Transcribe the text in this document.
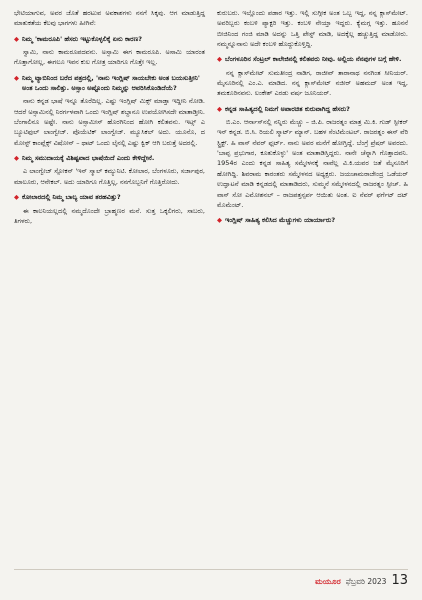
ಭೇಟಿಯಾಗುವ, ಅವರ ಜೊತೆ ಹರಟುವ ಅವಕಾಶಗಳು ನನಗೆ ಸಿಕ್ಕವು. ಆಗ ಮಾಡುತ್ತಿದ್ದ ಮಾತುಕತೆಯ ಕೆಲವು ಭಾಗಗಳು ಹೀಗಿವೆ:

◆ ನಿಮ್ಮ 'ಕಾಮರೂಪಿ' ಹೆಸರು ಇಟ್ಟುಕೊಳ್ಳಲಿಕ್ಕೆ ಏನು ಕಾರಣ?

ಸ್ವಾಮಿ, ನಾನು ಕಾಮರೂಪದವನು. ಅಸ್ಸಾಮಿ ಈಗ ಕಾಮರೂಪಿ. ಅಸಾಮಿ ಯಾರಂತ ಗೊತ್ತಾಗೋಲ್ಲ, ಈಗಲೂ ಇವನ ಕುಲ ಗೋತ್ರ ಯಾರಿಗೂ ಗೊತ್ತೇ ಇಲ್ಲ.

◆ ನಿಮ್ಮ ಟ್ಯಾಬಿನಿಂದ ಬರೆದ ಪತ್ರದಲ್ಲಿ, 'ನಾನು ಇಂಗ್ಲಿಷ್ ಸಾಯಬೇಕು ಅಂತ ಬಯಸುತ್ತೀನಿ' ಅಂತ ಒಂದು ಸಾಲಿತ್ತು. ಅಸ್ಸಾಂ ಅಷ್ಟೊಂದು ನಿಮ್ಮನ್ನು ಆವರಿಸಿಕೊಂಡಿದೆಯೆ?

ನಾನು ಕನ್ನಡ ಭಾಷೆ ಇನ್ನೂ ತೊರೆದಿಲ್ಲ. ಎಷ್ಟು ಇಂಗ್ಲಿಷ್ ಮಿಕ್ಸ್ ಮಾಡ್ತಾ ಇದ್ದೀನಿ ನೋಡಿ. ಆದರೆ ಅಸ್ಸಾಮಿನಲ್ಲಿ ನಿರರ್ಗಳವಾಗಿ ಒಂದು ಇಂಗ್ಲಿಷ್ ಶಬ್ದಾನೂ ಉಪಯೋಗಿಸದೇ ಮಾತಾಡ್ತೀನಿ. ಬೆಂಗಾಲಿನೂ ಅಷ್ಟೇ. ನಾನು ಅಸ್ಸಾಮೀಸ್ ಹೊರಗಿನಿಂದ ಹೋಗಿ ಕಲಿತವನು. ಇಟ್ಸ್ ಎ ಬ್ಯೂಟಿಫುಲ್ ಲಾಂಗ್ವೇಜ್. ಪೊಯೆಟಿಕ್ ಲಾಂಗ್ವೇಜ್. ಮ್ಯೂಸಿಕಲ್ ಅದು. ಯೂನೊ, ದ ಮೋಸ್ಟ್ ಕಾಂಪ್ಲೆಕ್ಸ್ ವಿಷೋನ್ – ಥಾಟ್ ಒಂದು ಲೈನಲ್ಲಿ ಎಷ್ಟು ಕ್ವಿಕ್ ಆಗಿ ಬರುತ್ತೆ ಅದರಲ್ಲಿ.

◆ ನಿಮ್ಮ ಸಮುದಾಯಕ್ಕೆ ವಿಶಿಷ್ಟವಾದ ಭಾಷೆಯಿದೆ ಎಂದು ಕೇಳಿದ್ದೇನೆ.

ಎ ಲಾಂಗ್ವೇಜ್ ಸ್ಪೋಕನ್ 'ಇನ್ ಸ್ಮಾಲ್ ಕಮ್ಯುನಿಟಿ. ಕೋಲಾರ, ಬೆಂಗಳೂರು, ಸರ್ಜಾಪುರ, ಮಾಲೂರು, ಆನೇಕಲ್. ಅದು ಯಾರಿಗೂ ಗೊತ್ತಿಲ್ಲ, ನನಗೊಬ್ಬನಿಗೆ ಗೊತ್ತಿರೋದು.

◆ ಕೋಲಾರದಲ್ಲಿ ನಿಮ್ಮ ಬಾಲ್ಯ ಯಾವ ತರಹವಿತ್ತು?

ಈ ಕಾಲನಿಯಲ್ಲದಲ್ಲಿ ನಮ್ಮದೊಂದೇ ಬ್ರಾಹ್ಮಣರ ಮನೆ. ಸುತ್ತ ಒಕ್ಕಲಿಗರು, ಸಾಬರು, ತಿಗಳರು,

ಕುರುಬರು. ಇಲ್ಲೊಂದು ಪಡಾರ ಇತ್ತು. ಇಲ್ಲಿ ಸುಗ್ಗೀಕ ಅಂತ ಒಬ್ಬ ಇದ್ದ, ನನ್ನ ಕ್ಲಾಸ್‌ಮೇಟ್. ಅವರಿಬ್ಬರು ಕಂಬಳಿ ಪ್ಯಾಕ್ಟರಿ ಇತ್ತು. ಕಂಬಳಿ ನೇಯ್ತಾ ಇದ್ದರು. ಕ್ಯೆಮಗ್ಗ ಇತ್ತು. ಹೂನನೆ ಬೀಜಿನಿಂದ ಗಂಜಿ ಮಾಡಿ ಅದನ್ನು ಒತ್ತಿ ಪೇಸ್ಟ್ ಮಾಡಿ, ಅದಕ್ಕೆಲ್ಲ ಹಚ್ಚುತ್ತಿದ್ದ ಮಾಡೋರು. ನಮ್ಮನ್ನೂನಾನು ಅದೇ ಕಂಬಳಿ ಹೊದ್ದುಕೊಳ್ತಿದ್ದಿ.

◆ ಬೆಂಗಳೂರಿನ ಸೆಂಟ್ರಲ್ ಕಾಲೇಜಿನಲ್ಲಿ ಕಲಿತವರು ನೀವು. ಅಲ್ಲಿಯ ನೆನಪುಗಳ ಬಗ್ಗೆ ಹೇಳಿ.

ನನ್ನ ಕ್ಲಾಸ್‌ಮೇಟ್ ಸುಮತೀಂದ್ರ ನಾಡಿಗ, ರಾಜೀವ್ ತಾರಾನಾಥ ನನಗಿಂತ ಸೀನಿಯರ್. ಮೈಸೂರಿನಲ್ಲಿ ಎಂ.ಎ. ಮಾಡಿದ. ನನ್ನ ಕ್ಲಾಸ್‌ಮೇಟ್ ನಜೀರ್ ಅಹಮದ್ ಅಂತ ಇದ್ದ, ತಮಕೂರಿನವನು. ಲಂಕೇಶ್ ಎರಡು ವರ್ಷ ಜೂನಿಯರ್.

◆ ಕನ್ನಡ ಸಾಹಿತ್ಯದಲ್ಲಿ ನಿಮಗೆ ಅಪಾರಚಿತ ಕುರುವಾಗಿದ್ದ ಹೆಸರು?

ಬಿ.ಎಂ. ಆರ್ನಾಸ್‌ನಲ್ಲಿ ನನ್ನಿರು ಮೆಚ್ಚು – ಜಿ.ಪಿ. ರಾಜರತ್ನಂ ಮಾತ್ರ ಮಿ.ಕಿ. ಗುಡ್ ಸ್ಪೀಕರ್ ಇನ್ ಕನ್ನಡ. ಬಿ.ಸಿ. ರಿಯಲಿ ಸ್ಮಾರ್ಟ್ ಮ್ಯಾನ್. ಬಹಳ ಸೆಂಟಿಮೆಂಟಲ್. ರಾಜರತ್ನಂ ಈಸ್ ವೆರಿ ಸ್ಟ್ರಿಕ್ಟ್. ಹಿ ವಾಸ್ ನೆವರ್ ಫ್ಲರ್ಟ್. ನಾನು ಅವರ ಮನೆಗೆ ಹೋಗ್ತಿದ್ದೆ. ಬೆಂಗ್ರೆ ಪ್ರೆಷರ್‌ ಅವರದು. 'ಬಾಪ್ಪ ಪ್ರಭುಗಾರ, ಕೂತುಕೊಳ್ಳು' ಅಂತ ಮಾತಾಡಿಸ್ತಿದ್ದರು. ನಾನೇ ಚೆನ್ನಾಗಿ ಗೊತ್ತಾದವನಿ. 1954ರ ಎಂದು ಕನ್ನಡ ಸಾಹಿತ್ಯ ಸಮ್ಮೇಳನಕ್ಕೆ ನಾವೆಲ್ಲ ವಿ.ಕಿ.ಯವರ ಜತೆ ಮೈಸೂರಿಗೆ ಹೋಗಿದ್ದಿ. ಶಿವರಾಮ ಕಾರಂತರು ಸಮ್ಮೇಳನದ ಅಧ್ಯಕ್ಷರು. ಜಯಚಾಮರಾಜೇಂದ್ರ ಒಡೆಯರ್ ಉದ್ಘಾಟನೆ ಮಾಡಿ ಕನ್ನಡದಲ್ಲಿ ಮಾತಾಡಿದರು, ಸುಮ್ಮನೆ ಸಮ್ಮೇಳನದಲ್ಲಿ ರಾಜರತ್ನಂ ಸ್ಪೀಚ್. ಹಿ ವಾಸ್ ಸೋ ಎಮೋಶನಲ್ – ರಾಜಪತ್ತನ್ಸರ್ಪ ಆಯಿತು ಅಂತ. ಐ ನೆವರ್ ಫರ್ಗೆಟ್ ದಟ್ ಮೊಮೆಂಟ್.

◆ ಇಂಗ್ಲಿಷ್ ಸಾಹಿತ್ಯ ಕಲಿಸಿದ ಮೆಚ್ಚುಗಳು ಯಾರ್ಯಾರು?
ಮಯೂರ ಫೆಬ್ರವರಿ 2023 13
